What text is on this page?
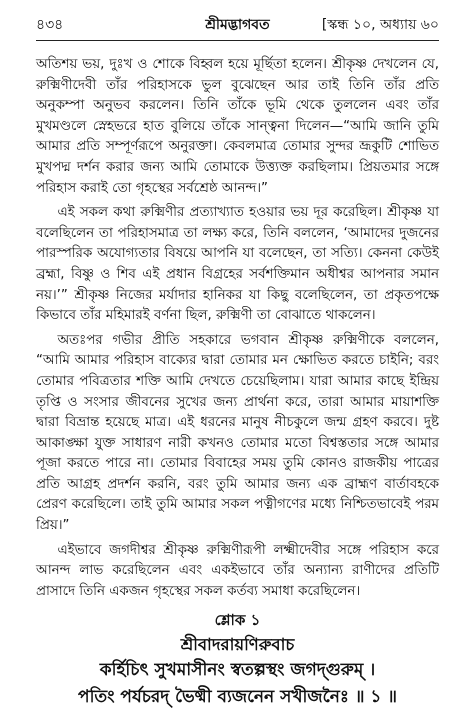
৪৩৪	শ্রীমদ্ভাগবত	[স্কন্ধ ১০, অধ্যায় ৬০

অতিশয় ভয়, দুঃখ ও শোকে বিহ্বল হয়ে মূর্ছিতা হলেন। শ্রীকৃষ্ণ দেখলেন যে, রুক্মিণীদেবী তাঁর পরিহাসকে ভুল বুঝেছেন আর তাই তিনি তাঁর প্রতি অনুকম্পা অনুভব করলেন। তিনি তাঁকে ভূমি থেকে তুললেন এবং তাঁর মুখমণ্ডলে স্নেহভরে হাত বুলিয়ে তাঁকে সান্ত্বনা দিলেন—“আমি জানি তুমি আমার প্রতি সম্পূর্ণরূপে অনুরক্তা। কেবলমাত্র তোমার সুন্দর ভ্রূকুটি শোভিত মুখপদ্ম দর্শন করার জন্য আমি তোমাকে উত্ত্যক্ত করছিলাম। প্রিয়তমার সঙ্গে পরিহাস করাই তো গৃহস্থের সর্বশ্রেষ্ঠ আনন্দ।”

এই সকল কথা রুক্মিণীর প্রত্যাখ্যাত হওয়ার ভয় দূর করেছিল। শ্রীকৃষ্ণ যা বলেছিলেন তা পরিহাসমাত্র তা লক্ষ্য করে, তিনি বললেন, ‘আমাদের দুজনের পারস্পরিক অযোগ্যতার বিষয়ে আপনি যা বলেছেন, তা সত্যি। কেননা কেউই ব্রহ্মা, বিষ্ণু ও শিব এই প্রধান বিগ্রহের সর্বশক্তিমান অধীশ্বর আপনার সমান নয়।’” শ্রীকৃষ্ণ নিজের মর্যাদার হানিকর যা কিছু বলেছিলেন, তা প্রকৃতপক্ষে কিভাবে তাঁর মহিমারই বর্ণনা ছিল, রুক্মিণী তা বোঝাতে থাকলেন।

অতঃপর গভীর প্রীতি সহকারে ভগবান শ্রীকৃষ্ণ রুক্মিণীকে বললেন, “আমি আমার পরিহাস বাক্যের দ্বারা তোমার মন ক্ষোভিত করতে চাইনি; বরং তোমার পবিত্রতার শক্তি আমি দেখতে চেয়েছিলাম। যারা আমার কাছে ইন্দ্রিয় তৃপ্তি ও সংসার জীবনের সুখের জন্য প্রার্থনা করে, তারা আমার মায়াশক্তি দ্বারা বিভ্রান্ত হয়েছে মাত্র। এই ধরনের মানুষ নীচকুলে জন্ম গ্রহণ করবে। দুষ্ট আকাঙ্ক্ষা যুক্ত সাধারণ নারী কখনও তোমার মতো বিশ্বস্ততার সঙ্গে আমার পূজা করতে পারে না। তোমার বিবাহের সময় তুমি কোনও রাজকীয় পাত্রের প্রতি আগ্রহ প্রদর্শন করনি, বরং তুমি আমার জন্য এক ব্রাহ্মণ বার্তাবহকে প্রেরণ করেছিলে। তাই তুমি আমার সকল পত্নীগণের মধ্যে নিশ্চিতভাবেই পরম প্রিয়।”

এইভাবে জগদীশ্বর শ্রীকৃষ্ণ রুক্মিণীরূপী লক্ষ্মীদেবীর সঙ্গে পরিহাস করে আনন্দ লাভ করেছিলেন এবং একইভাবে তাঁর অন্যান্য রাণীদের প্রতিটি প্রাসাদে তিনি একজন গৃহস্থের সকল কর্তব্য সমাধা করেছিলেন।

শ্লোক ১
শ্রীবাদরায়ণিরুবাচ
কর্হিচিৎ সুখমাসীনং স্বতল্পস্থং জগদ্গুরুম্ ।
পতিং পর্যচরদ্ ভৈষ্মী ব্যজনেন সখীজনৈঃ ॥ ১ ॥
